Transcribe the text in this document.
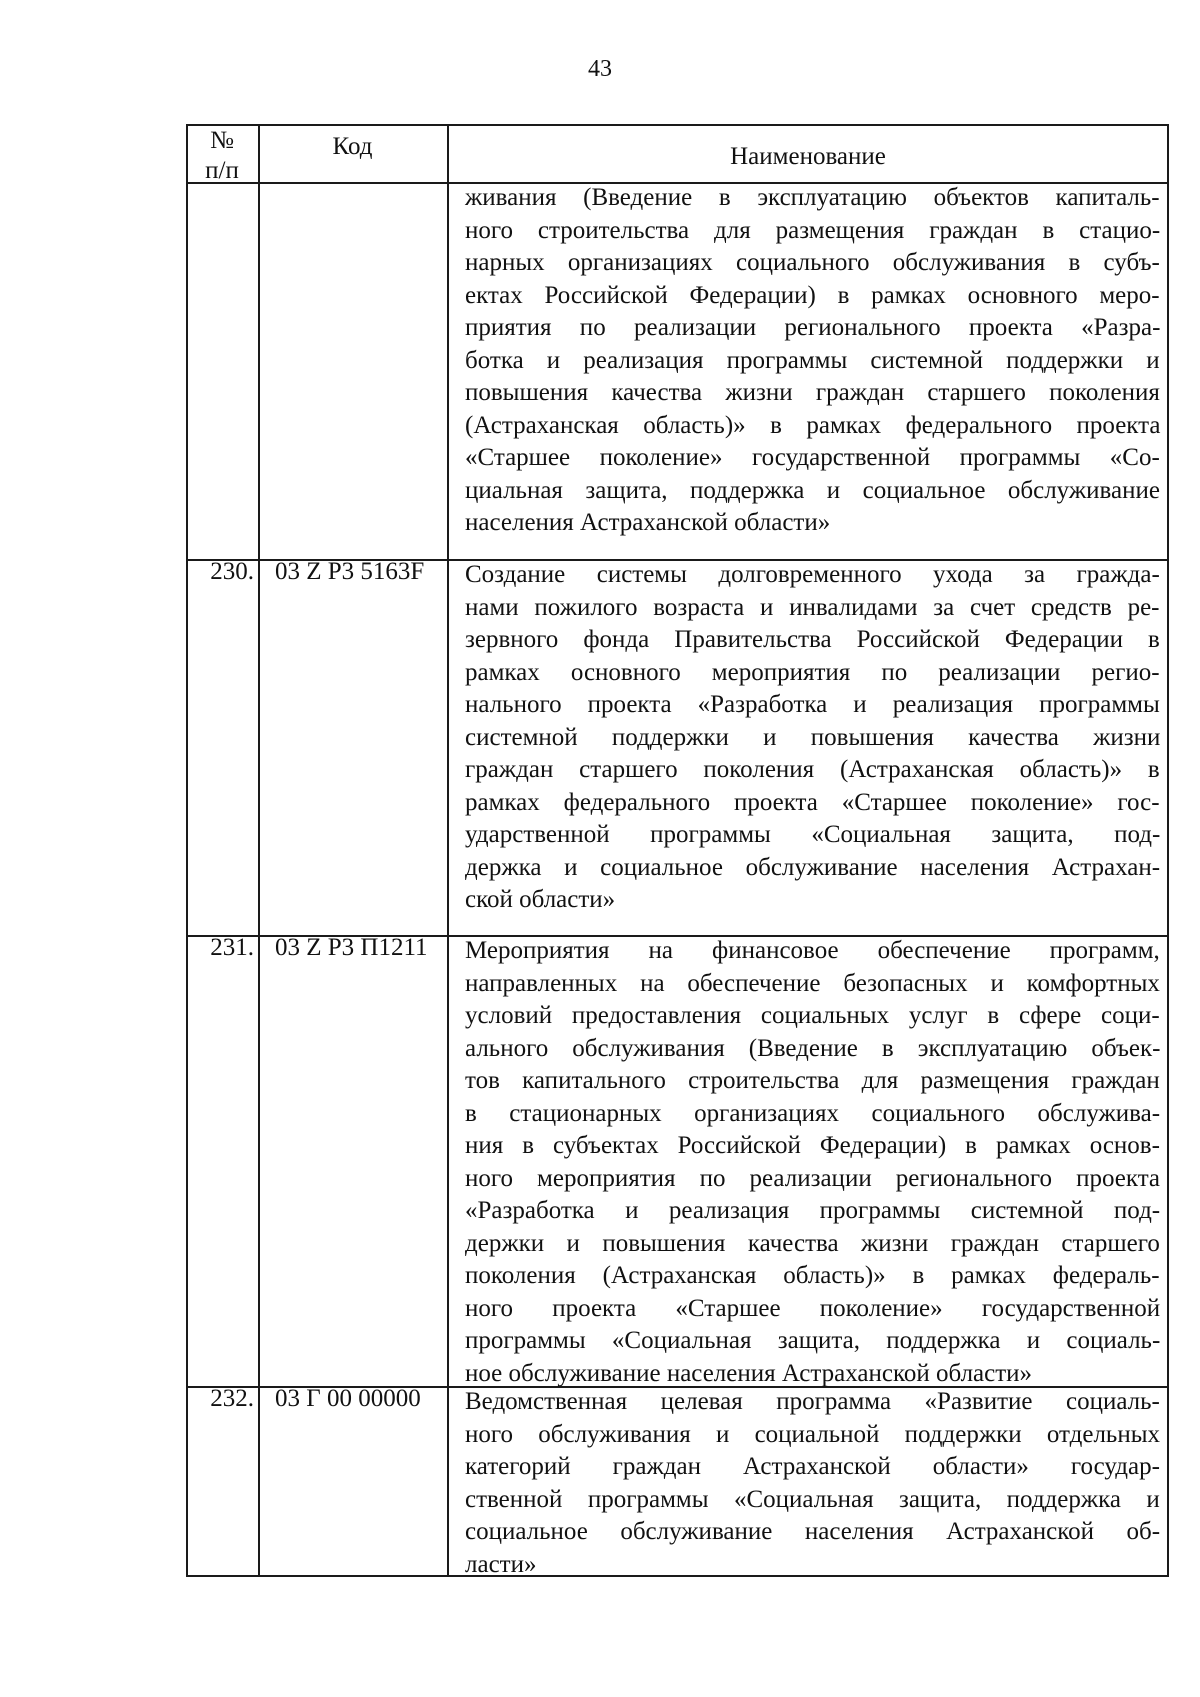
43
№
п/п
Код	Наименование

живания (Введение в эксплуатацию объектов капиталь-

ного строительства для размещения граждан в стацио-

нарных организациях социального обслуживания в субъ-

ектах Российской Федерации) в рамках основного меро-

приятия по реализации регионального проекта «Разра-

ботка и реализация программы системной поддержки и

повышения качества жизни граждан старшего поколения

(Астраханская область)» в рамках федерального проекта

«Старшее поколение» государственной программы «Со-

циальная защита, поддержка и социальное обслуживание

населения Астраханской области»

230. 03 Z P3 5163F Создание системы долговременного ухода за гражда-

нами пожилого возраста и инвалидами за счет средств ре-

зервного фонда Правительства Российской Федерации в

рамках основного мероприятия по реализации регио-

нального проекта «Разработка и реализация программы

системной поддержки и повышения качества жизни

граждан старшего поколения (Астраханская область)» в

рамках федерального проекта «Старшее поколение» гос-

ударственной программы «Социальная защита, под-

держка и социальное обслуживание населения Астрахан-

ской области»

231. 03 Z P3 П1211 Мероприятия на финансовое обеспечение программ,

направленных на обеспечение безопасных и комфортных

условий предоставления социальных услуг в сфере соци-

ального обслуживания (Введение в эксплуатацию объек-

тов капитального строительства для размещения граждан

в стационарных организациях социального обслужива-

ния в субъектах Российской Федерации) в рамках основ-

ного мероприятия по реализации регионального проекта

«Разработка и реализация программы системной под-

держки и повышения качества жизни граждан старшего

поколения (Астраханская область)» в рамках федераль-

ного проекта «Старшее поколение» государственной

программы «Социальная защита, поддержка и социаль-

ное обслуживание населения Астраханской области»

232. 03 Г 00 00000 Ведомственная целевая программа «Развитие социаль-

ного обслуживания и социальной поддержки отдельных

категорий граждан Астраханской области» государ-

ственной программы «Социальная защита, поддержка и

социальное обслуживание населения Астраханской об-

ласти»
